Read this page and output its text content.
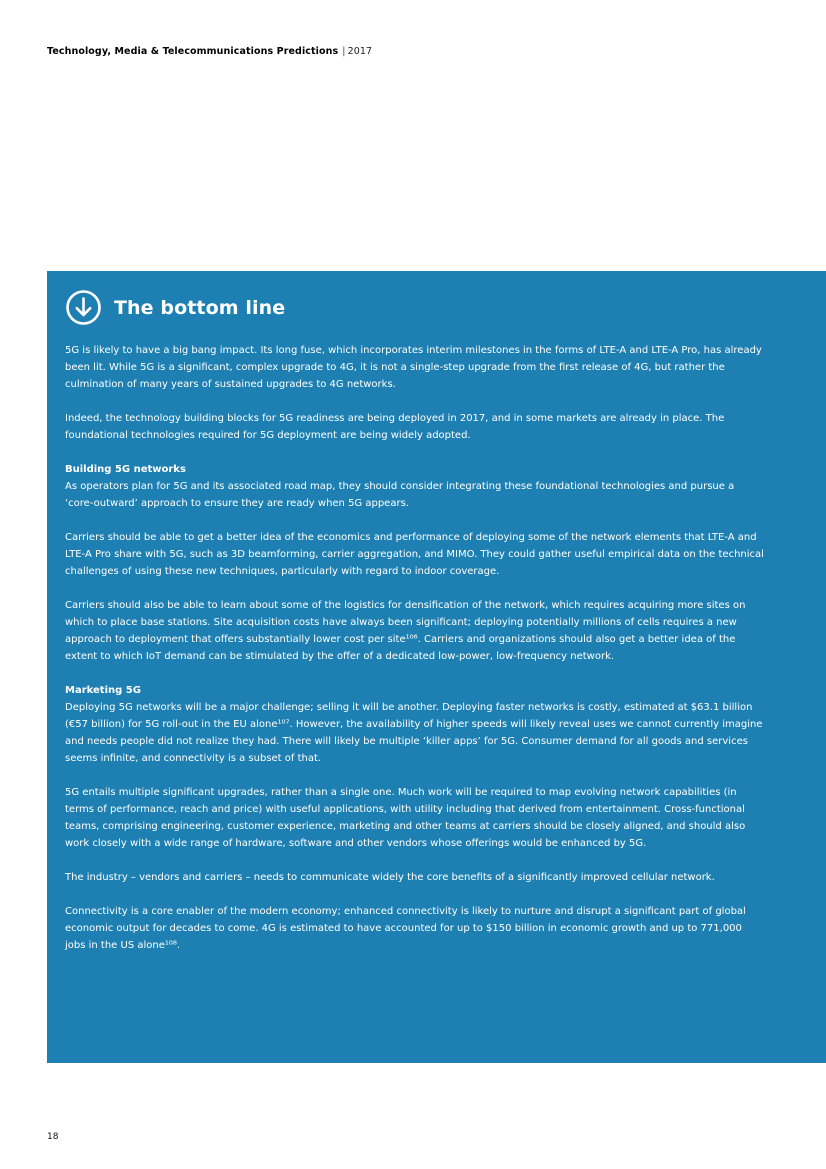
Technology, Media & Telecommunications Predictions | 2017
The bottom line

5G is likely to have a big bang impact. Its long fuse, which incorporates interim milestones in the forms of LTE-A and LTE-A Pro, has already been lit. While 5G is a significant, complex upgrade to 4G, it is not a single-step upgrade from the first release of 4G, but rather the culmination of many years of sustained upgrades to 4G networks.

Indeed, the technology building blocks for 5G readiness are being deployed in 2017, and in some markets are already in place. The foundational technologies required for 5G deployment are being widely adopted.

Building 5G networks

As operators plan for 5G and its associated road map, they should consider integrating these foundational technologies and pursue a ‘core-outward’ approach to ensure they are ready when 5G appears.

Carriers should be able to get a better idea of the economics and performance of deploying some of the network elements that LTE-A and LTE-A Pro share with 5G, such as 3D beamforming, carrier aggregation, and MIMO. They could gather useful empirical data on the technical challenges of using these new techniques, particularly with regard to indoor coverage.

Carriers should also be able to learn about some of the logistics for densification of the network, which requires acquiring more sites on which to place base stations. Site acquisition costs have always been significant; deploying potentially millions of cells requires a new approach to deployment that offers substantially lower cost per site¹⁰⁶. Carriers and organizations should also get a better idea of the extent to which IoT demand can be stimulated by the offer of a dedicated low-power, low-frequency network.

Marketing 5G

Deploying 5G networks will be a major challenge; selling it will be another. Deploying faster networks is costly, estimated at $63.1 billion (€57 billion) for 5G roll-out in the EU alone¹⁰⁷. However, the availability of higher speeds will likely reveal uses we cannot currently imagine and needs people did not realize they had. There will likely be multiple ‘killer apps’ for 5G. Consumer demand for all goods and services seems infinite, and connectivity is a subset of that.

5G entails multiple significant upgrades, rather than a single one. Much work will be required to map evolving network capabilities (in terms of performance, reach and price) with useful applications, with utility including that derived from entertainment. Cross-functional teams, comprising engineering, customer experience, marketing and other teams at carriers should be closely aligned, and should also work closely with a wide range of hardware, software and other vendors whose offerings would be enhanced by 5G.

The industry – vendors and carriers – needs to communicate widely the core benefits of a significantly improved cellular network.

Connectivity is a core enabler of the modern economy; enhanced connectivity is likely to nurture and disrupt a significant part of global economic output for decades to come. 4G is estimated to have accounted for up to $150 billion in economic growth and up to 771,000 jobs in the US alone¹⁰⁸.

18
